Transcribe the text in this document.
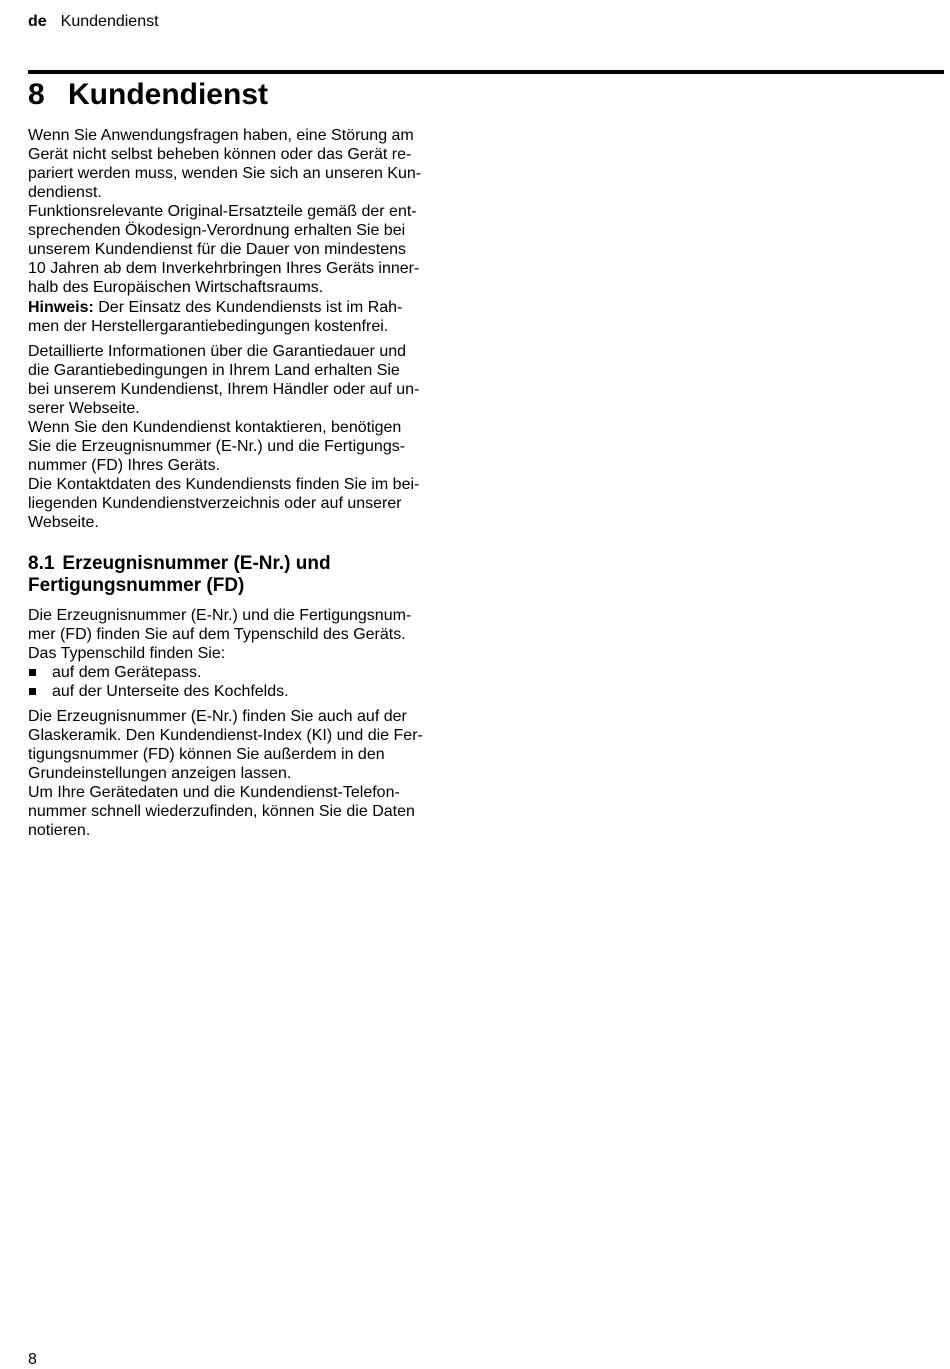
de Kundendienst
8 Kundendienst
Wenn Sie Anwendungsfragen haben, eine Störung am
Gerät nicht selbst beheben können oder das Gerät re-
pariert werden muss, wenden Sie sich an unseren Kun-
dendienst.
Funktionsrelevante Original-Ersatzteile gemäß der ent-
sprechenden Ökodesign-Verordnung erhalten Sie bei
unserem Kundendienst für die Dauer von mindestens
10 Jahren ab dem Inverkehrbringen Ihres Geräts inner-
halb des Europäischen Wirtschaftsraums.
Hinweis: Der Einsatz des Kundendiensts ist im Rah-
men der Herstellergarantiebedingungen kostenfrei.
Detaillierte Informationen über die Garantiedauer und
die Garantiebedingungen in Ihrem Land erhalten Sie
bei unserem Kundendienst, Ihrem Händler oder auf un-
serer Webseite.
Wenn Sie den Kundendienst kontaktieren, benötigen
Sie die Erzeugnisnummer (E-Nr.) und die Fertigungs-
nummer (FD) Ihres Geräts.
Die Kontaktdaten des Kundendiensts finden Sie im bei-
liegenden Kundendienstverzeichnis oder auf unserer
Webseite.
8.1 Erzeugnisnummer (E-Nr.) und
Fertigungsnummer (FD)
Die Erzeugnisnummer (E-Nr.) und die Fertigungsnum-
mer (FD) finden Sie auf dem Typenschild des Geräts.
Das Typenschild finden Sie:
auf dem Gerätepass.
auf der Unterseite des Kochfelds.
Die Erzeugnisnummer (E-Nr.) finden Sie auch auf der
Glaskeramik. Den Kundendienst-Index (KI) und die Fer-
tigungsnummer (FD) können Sie außerdem in den
Grundeinstellungen anzeigen lassen.
Um Ihre Gerätedaten und die Kundendienst-Telefon-
nummer schnell wiederzufinden, können Sie die Daten
notieren.
8
